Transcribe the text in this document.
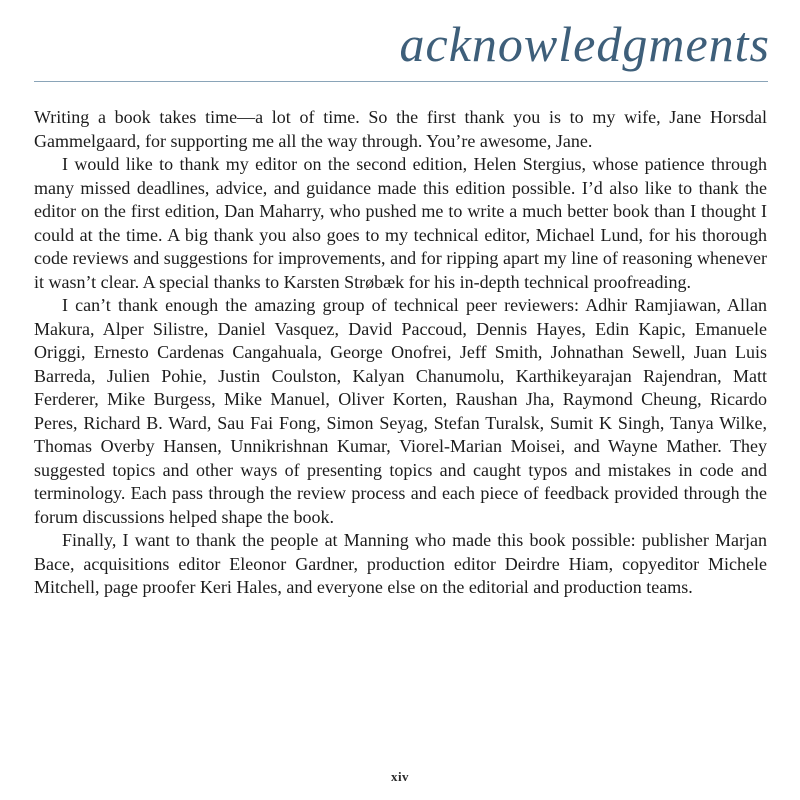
acknowledgments

Writing a book takes time—a lot of time. So the first thank you is to my wife, Jane Horsdal Gammelgaard, for supporting me all the way through. You’re awesome, Jane.

I would like to thank my editor on the second edition, Helen Stergius, whose patience through many missed deadlines, advice, and guidance made this edition possible. I’d also like to thank the editor on the first edition, Dan Maharry, who pushed me to write a much better book than I thought I could at the time. A big thank you also goes to my technical editor, Michael Lund, for his thorough code reviews and suggestions for improvements, and for ripping apart my line of reasoning whenever it wasn’t clear. A special thanks to Karsten Strøbæk for his in-depth technical proofreading.

I can’t thank enough the amazing group of technical peer reviewers: Adhir Ramjiawan, Allan Makura, Alper Silistre, Daniel Vasquez, David Paccoud, Dennis Hayes, Edin Kapic, Emanuele Origgi, Ernesto Cardenas Cangahuala, George Onofrei, Jeff Smith, Johnathan Sewell, Juan Luis Barreda, Julien Pohie, Justin Coulston, Kalyan Chanumolu, Karthikeyarajan Rajendran, Matt Ferderer, Mike Burgess, Mike Manuel, Oliver Korten, Raushan Jha, Raymond Cheung, Ricardo Peres, Richard B. Ward, Sau Fai Fong, Simon Seyag, Stefan Turalsk, Sumit K Singh, Tanya Wilke, Thomas Overby Hansen, Unnikrishnan Kumar, Viorel-Marian Moisei, and Wayne Mather. They suggested topics and other ways of presenting topics and caught typos and mistakes in code and terminology. Each pass through the review process and each piece of feedback provided through the forum discussions helped shape the book.

Finally, I want to thank the people at Manning who made this book possible: publisher Marjan Bace, acquisitions editor Eleonor Gardner, production editor Deirdre Hiam, copyeditor Michele Mitchell, page proofer Keri Hales, and everyone else on the editorial and production teams.

xiv
